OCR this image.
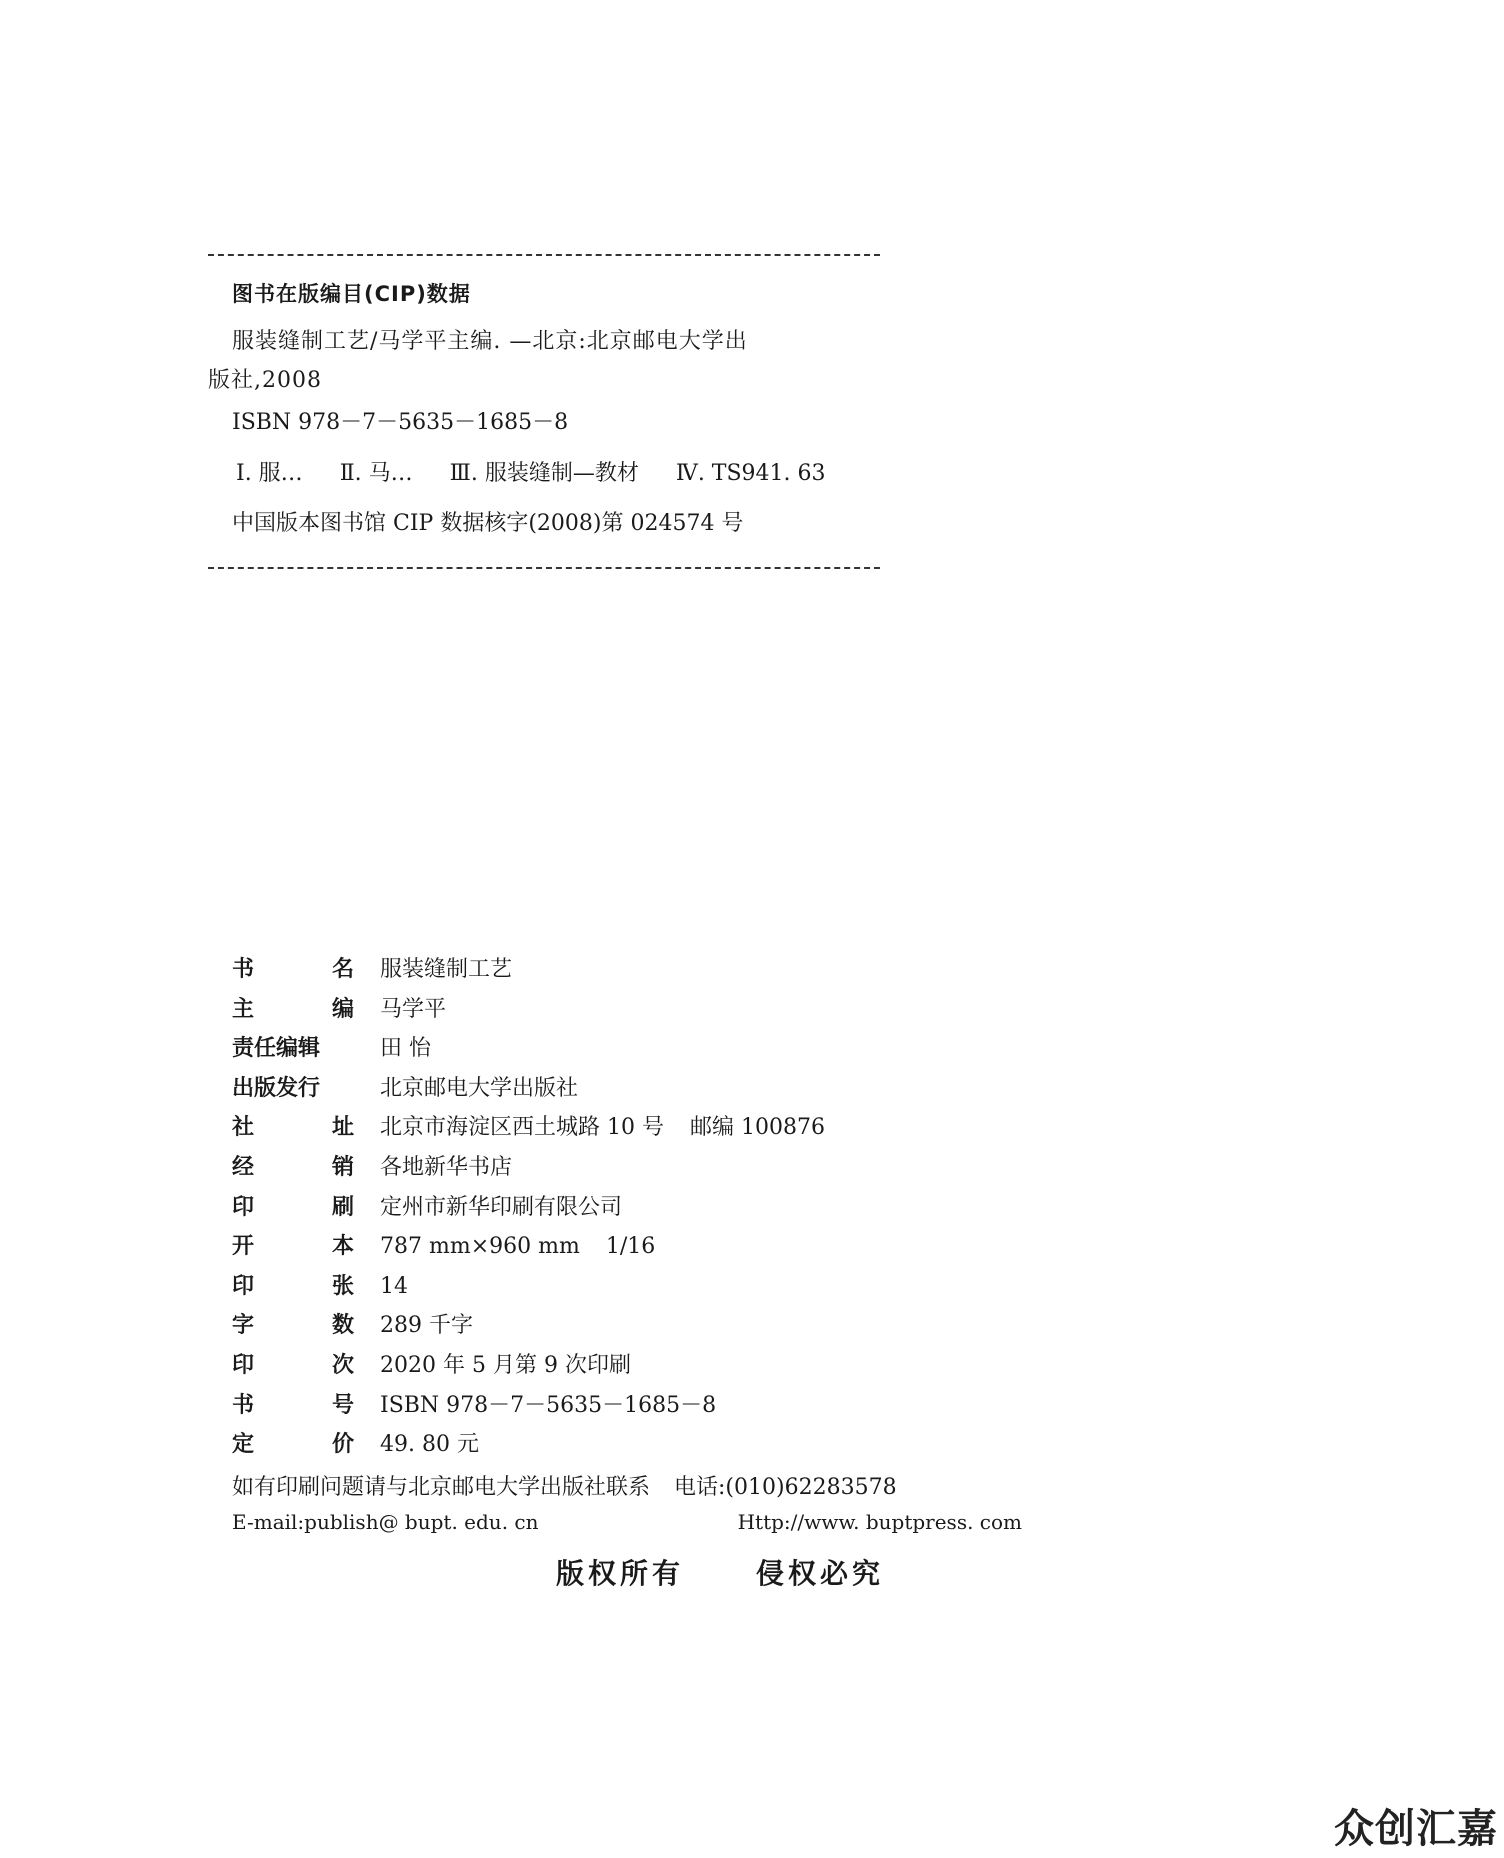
图书在版编目(CIP)数据
服装缝制工艺/马学平主编. —北京:北京邮电大学出
版社,2008
ISBN 978－7－5635－1685－8
Ⅰ. 服… Ⅱ. 马… Ⅲ. 服装缝制—教材 Ⅳ. TS941. 63
中国版本图书馆 CIP 数据核字(2008)第 024574 号
书	名 服装缝制工艺
主	编 马学平
责任编辑	田 怡
出版发行	北京邮电大学出版社
社	址 北京市海淀区西土城路 10 号 邮编 100876
经	销 各地新华书店
印	刷 定州市新华印刷有限公司
开	本 787 mm×960 mm 1/16
印	张 14
字	数 289 千字
印	次 2020 年 5 月第 9 次印刷
书	号 ISBN 978－7－5635－1685－8
定	价 49. 80 元
如有印刷问题请与北京邮电大学出版社联系 电话:(010)62283578
E-mail:publish@ bupt. edu. cn	Http://www. buptpress. com
版权所有	侵权必究
众创汇嘉
